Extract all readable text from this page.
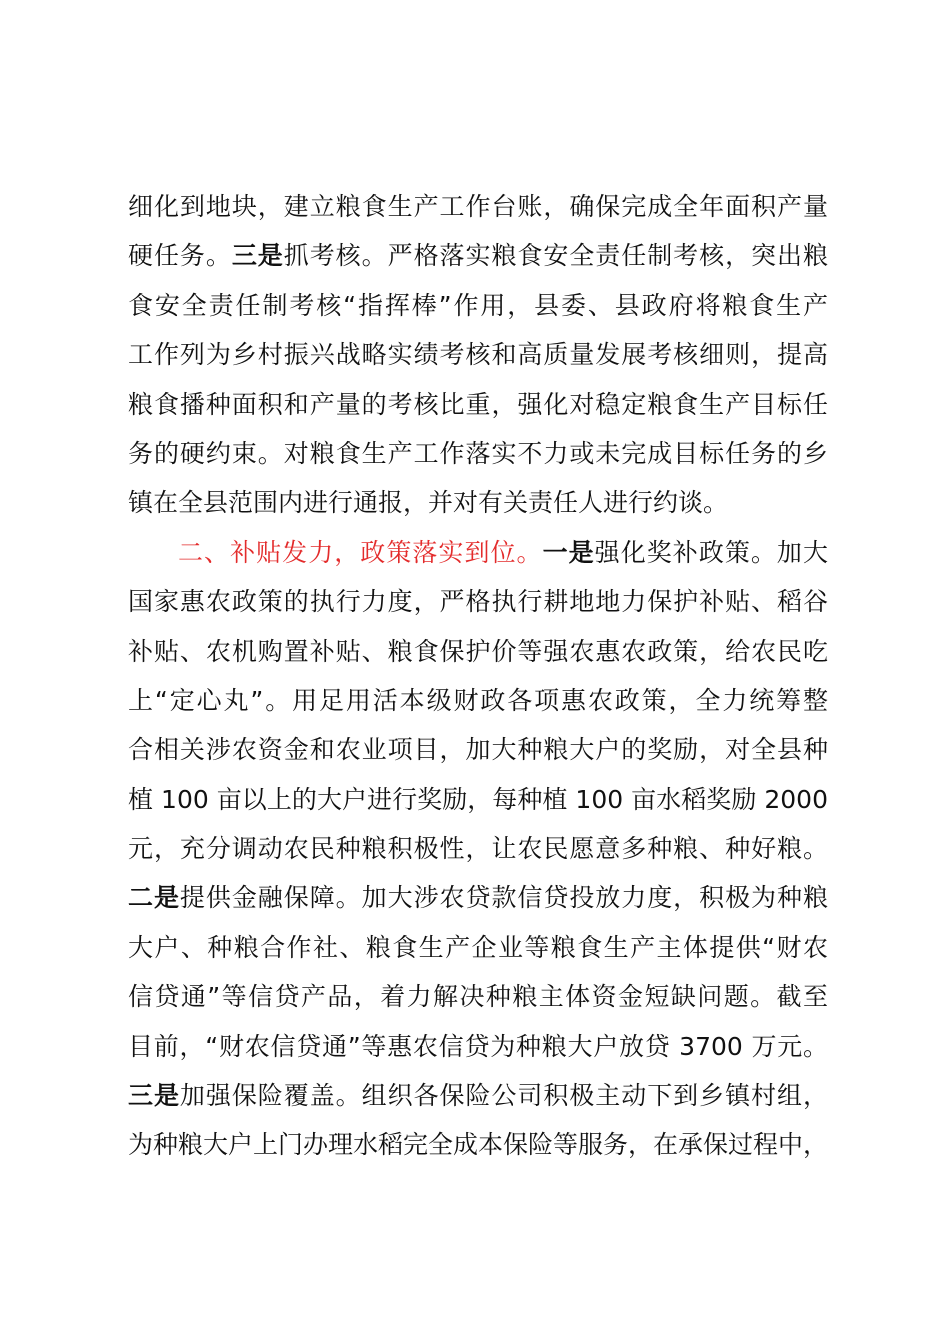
细化到地块，建立粮食生产工作台账，确保完成全年面积产量
硬任务。三是抓考核。严格落实粮食安全责任制考核，突出粮
食安全责任制考核“指挥棒”作用，县委、县政府将粮食生产
工作列为乡村振兴战略实绩考核和高质量发展考核细则，提高
粮食播种面积和产量的考核比重，强化对稳定粮食生产目标任
务的硬约束。对粮食生产工作落实不力或未完成目标任务的乡
镇在全县范围内进行通报，并对有关责任人进行约谈。
二、补贴发力，政策落实到位。一是强化奖补政策。加大
国家惠农政策的执行力度，严格执行耕地地力保护补贴、稻谷
补贴、农机购置补贴、粮食保护价等强农惠农政策，给农民吃
上“定心丸”。用足用活本级财政各项惠农政策，全力统筹整
合相关涉农资金和农业项目，加大种粮大户的奖励，对全县种
植 100 亩以上的大户进行奖励，每种植 100 亩水稻奖励 2000
元，充分调动农民种粮积极性，让农民愿意多种粮、种好粮。
二是提供金融保障。加大涉农贷款信贷投放力度，积极为种粮
大户、种粮合作社、粮食生产企业等粮食生产主体提供“财农
信贷通”等信贷产品，着力解决种粮主体资金短缺问题。截至
目前，“财农信贷通”等惠农信贷为种粮大户放贷 3700 万元。
三是加强保险覆盖。组织各保险公司积极主动下到乡镇村组，
为种粮大户上门办理水稻完全成本保险等服务，在承保过程中，
